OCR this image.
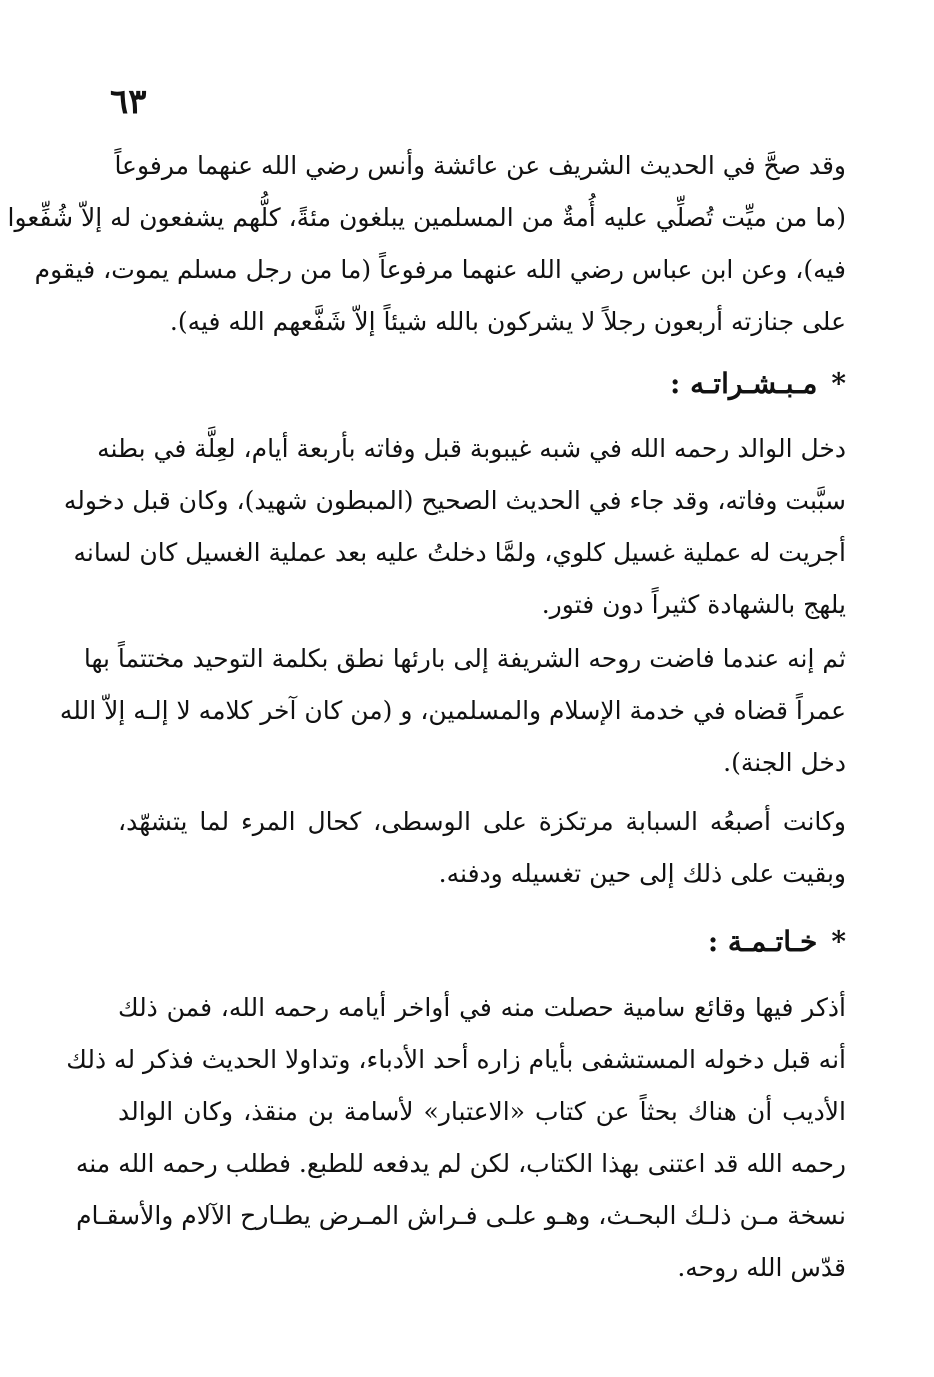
٦٣
وقد صحَّ في الحديث الشريف عن عائشة وأنس رضي الله عنهما مرفوعاً
(ما من ميِّت تُصلِّي عليه أُمةٌ من المسلمين يبلغون مئةً، كلُّهم يشفعون له إلاّ شُفِّعوا
فيه)، وعن ابن عباس رضي الله عنهما مرفوعاً (ما من رجل مسلم يموت، فيقوم
على جنازته أربعون رجلاً لا يشركون بالله شيئاً إلاّ شَفَّعهم الله فيه).
*مـبـشـراتـه :
دخل الوالد رحمه الله في شبه غيبوبة قبل وفاته بأربعة أيام، لعِلَّة في بطنه
سبَّبت وفاته، وقد جاء في الحديث الصحيح (المبطون شهيد)، وكان قبل دخوله
أجريت له عملية غسيل كلوي، ولمَّا دخلتُ عليه بعد عملية الغسيل كان لسانه
يلهج بالشهادة كثيراً دون فتور.
ثم إنه عندما فاضت روحه الشريفة إلى بارئها نطق بكلمة التوحيد مختتماً بها
عمراً قضاه في خدمة الإسلام والمسلمين، و (من كان آخر كلامه لا إلـه إلاّ الله
دخل الجنة).
وكانت أصبعُه السبابة مرتكزة على الوسطى، كحال المرء لما يتشهّد،
وبقيت على ذلك إلى حين تغسيله ودفنه.
*خـاتـمـة :
أذكر فيها وقائع سامية حصلت منه في أواخر أيامه رحمه الله، فمن ذلك
أنه قبل دخوله المستشفى بأيام زاره أحد الأدباء، وتداولا الحديث فذكر له ذلك
الأديب أن هناك بحثاً عن كتاب «الاعتبار» لأسامة بن منقذ، وكان الوالد
رحمه الله قد اعتنى بهذا الكتاب، لكن لم يدفعه للطبع. فطلب رحمه الله منه
نسخة مـن ذلـك البحـث، وهـو علـى فـراش المـرض يطـارح الآلام والأسقـام
قدّس الله روحه.
